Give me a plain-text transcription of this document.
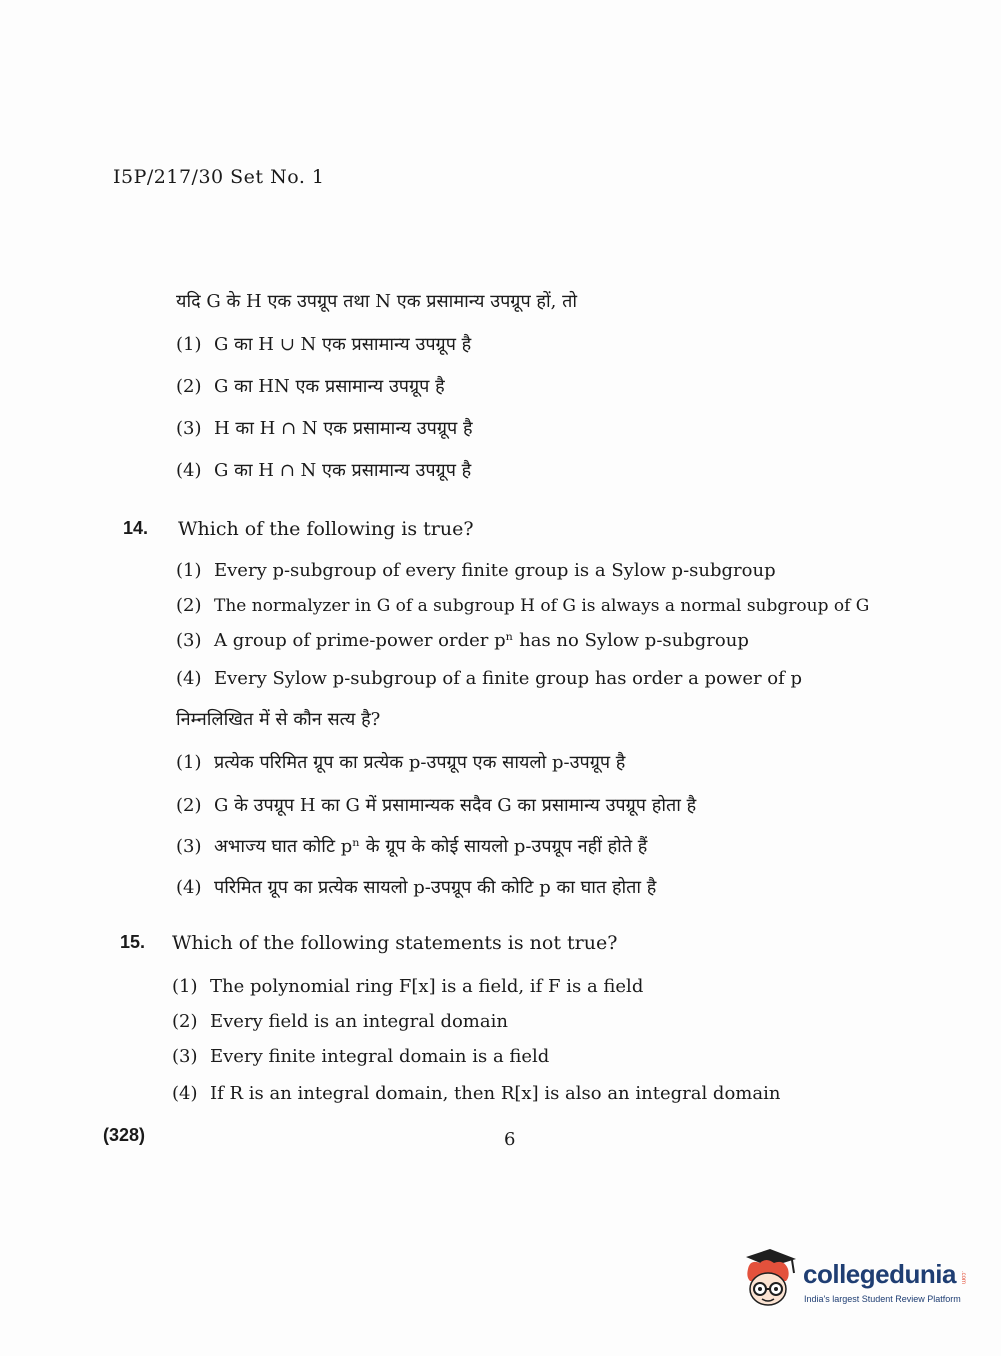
I5P/217/30 Set No. 1
यदि G के H एक उपग्रूप तथा N एक प्रसामान्य उपग्रूप हों, तो
(1) G का H ∪ N एक प्रसामान्य उपग्रूप है
(2) G का HN एक प्रसामान्य उपग्रूप है
(3) H का H ∩ N एक प्रसामान्य उपग्रूप है
(4) G का H ∩ N एक प्रसामान्य उपग्रूप है
14. Which of the following is true?
(1) Every p-subgroup of every finite group is a Sylow p-subgroup
(2) The normalyzer in G of a subgroup H of G is always a normal subgroup of G
(3) A group of prime-power order pⁿ has no Sylow p-subgroup
(4) Every Sylow p-subgroup of a finite group has order a power of p
निम्नलिखित में से कौन सत्य है?
(1) प्रत्येक परिमित ग्रूप का प्रत्येक p-उपग्रूप एक सायलो p-उपग्रूप है
(2) G के उपग्रूप H का G में प्रसामान्यक सदैव G का प्रसामान्य उपग्रूप होता है
(3) अभाज्य घात कोटि pⁿ के ग्रूप के कोई सायलो p-उपग्रूप नहीं होते हैं
(4) परिमित ग्रूप का प्रत्येक सायलो p-उपग्रूप की कोटि p का घात होता है
15. Which of the following statements is not true?
(1) The polynomial ring F[x] is a field, if F is a field
(2) Every field is an integral domain
(3) Every finite integral domain is a field
(4) If R is an integral domain, then R[x] is also an integral domain
(328)	6
collegedunia .com
India's largest Student Review Platform
